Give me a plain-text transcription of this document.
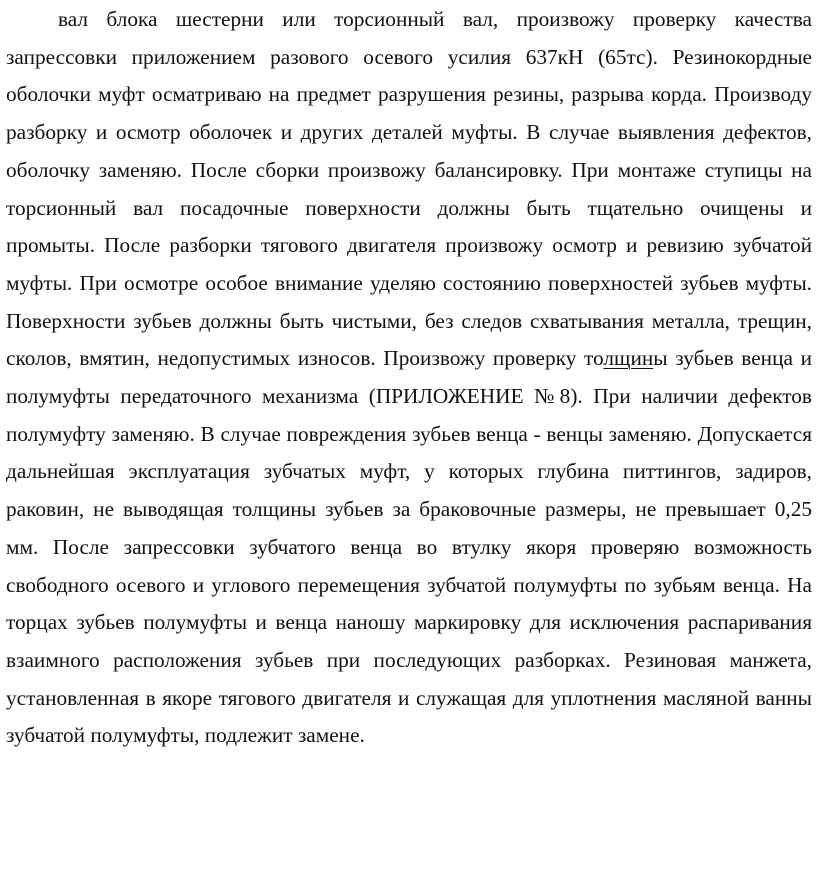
вал блока шестерни или торсионный вал, произвожу проверку качества запрессовки приложением разового осевого усилия 637кН (65тс). Резинокордные оболочки муфт осматриваю на предмет разрушения резины, разрыва корда. Производу разборку и осмотр оболочек и других деталей муфты. В случае выявления дефектов, оболочку заменяю. После сборки произвожу балансировку. При монтаже ступицы на торсионный вал посадочные поверхности должны быть тщательно очищены и промыты. После разборки тягового двигателя произвожу осмотр и ревизию зубчатой муфты. При осмотре особое внимание уделяю состоянию поверхностей зубьев муфты. Поверхности зубьев должны быть чистыми, без следов схватывания металла, трещин, сколов, вмятин, недопустимых износов. Произвожу проверку толщины зубьев венца и полумуфты передаточного механизма (ПРИЛОЖЕНИЕ №8). При наличии дефектов полумуфту заменяю. В случае повреждения зубьев венца - венцы заменяю. Допускается дальнейшая эксплуатация зубчатых муфт, у которых глубина питтингов, задиров, раковин, не выводящая толщины зубьев за браковочные размеры, не превышает 0,25 мм. После запрессовки зубчатого венца во втулку якоря проверяю возможность свободного осевого и углового перемещения зубчатой полумуфты по зубьям венца. На торцах зубьев полумуфты и венца наношу маркировку для исключения распаривания взаимного расположения зубьев при последующих разборках. Резиновая манжета, установленная в якоре тягового двигателя и служащая для уплотнения масляной ванны зубчатой полумуфты, подлежит замене.
